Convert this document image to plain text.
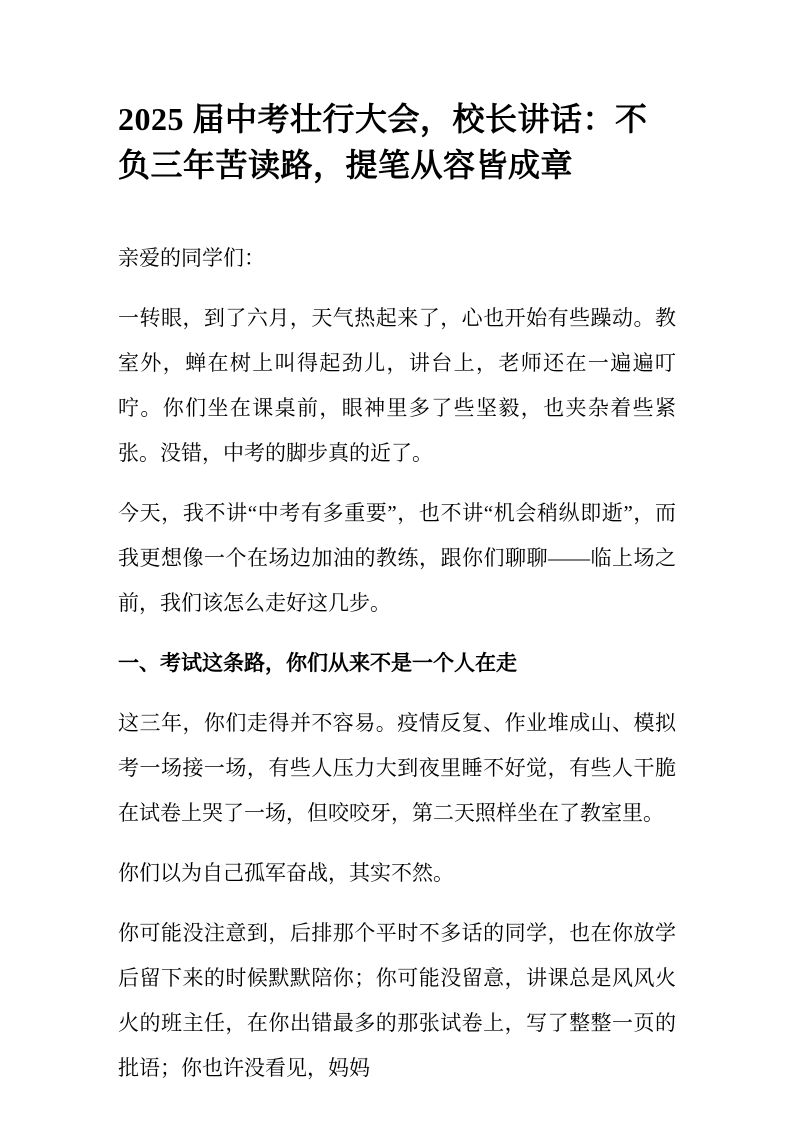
2025 届中考壮行大会，校长讲话：不负三年苦读路，提笔从容皆成章

亲爱的同学们：

一转眼，到了六月，天气热起来了，心也开始有些躁动。教室外，蝉在树上叫得起劲儿，讲台上，老师还在一遍遍叮咛。你们坐在课桌前，眼神里多了些坚毅，也夹杂着些紧张。没错，中考的脚步真的近了。

今天，我不讲“中考有多重要”，也不讲“机会稍纵即逝”，而我更想像一个在场边加油的教练，跟你们聊聊——临上场之前，我们该怎么走好这几步。

一、考试这条路，你们从来不是一个人在走

这三年，你们走得并不容易。疫情反复、作业堆成山、模拟考一场接一场，有些人压力大到夜里睡不好觉，有些人干脆在试卷上哭了一场，但咬咬牙，第二天照样坐在了教室里。

你们以为自己孤军奋战，其实不然。

你可能没注意到，后排那个平时不多话的同学，也在你放学后留下来的时候默默陪你；你可能没留意，讲课总是风风火火的班主任，在你出错最多的那张试卷上，写了整整一页的批语；你也许没看见，妈妈
